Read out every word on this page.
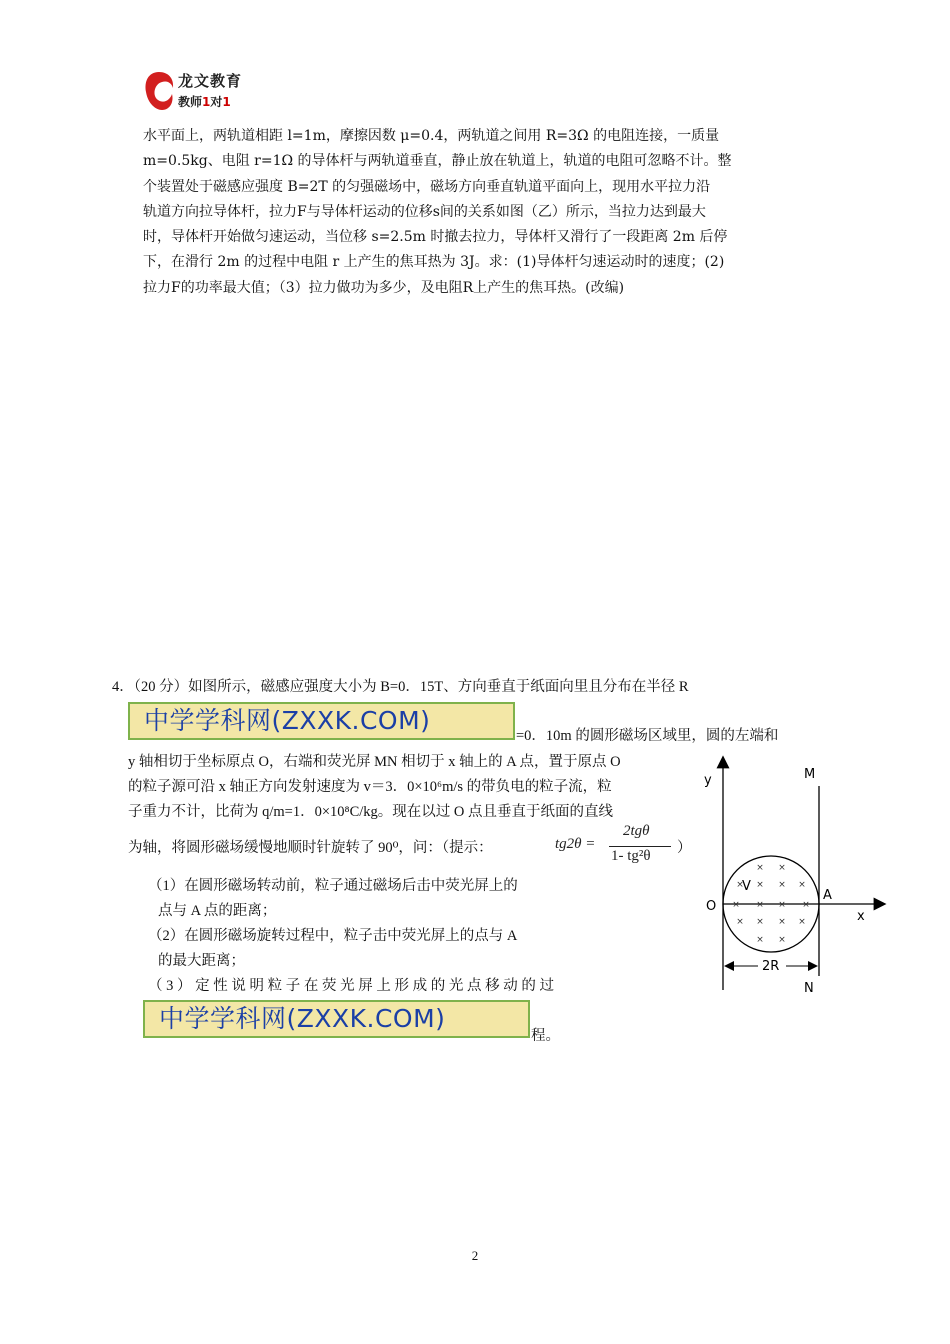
龙文教育
教师1对1

水平面上，两轨道相距 l=1m，摩擦因数 μ=0.4，两轨道之间用 R=3Ω 的电阻连接，一质量

m=0.5kg、电阻 r=1Ω 的导体杆与两轨道垂直，静止放在轨道上，轨道的电阻可忽略不计。整

个装置处于磁感应强度 B=2T 的匀强磁场中，磁场方向垂直轨道平面向上，现用水平拉力沿

轨道方向拉导体杆，拉力F与导体杆运动的位移s间的关系如图（乙）所示，当拉力达到最大

时，导体杆开始做匀速运动，当位移 s=2.5m 时撤去拉力，导体杆又滑行了一段距离 2m 后停

下，在滑行 2m 的过程中电阻 r 上产生的焦耳热为 3J。求：(1)导体杆匀速运动时的速度；(2)

拉力F的功率最大值；（3）拉力做功为多少，及电阻R上产生的焦耳热。(改编)

4．（20 分）如图所示，磁感应强度大小为 B=0．15T、方向垂直于纸面向里且分布在半径 R
中学学科网(ZXXK.COM)
=0．10m 的圆形磁场区域里，圆的左端和
y 轴相切于坐标原点 O，右端和荧光屏 MN 相切于 x 轴上的 A 点，置于原点 O
的粒子源可沿 x 轴正方向发射速度为 v＝3．0×10⁶m/s 的带负电的粒子流，粒
子重力不计，比荷为 q/m=1．0×10⁸C/kg。现在以过 O 点且垂直于纸面的直线
为轴，将圆形磁场缓慢地顺时针旋转了 90⁰，问：（提示：	tg2θ =
2tgθ
1- tg²θ ）
（1）在圆形磁场转动前，粒子通过磁场后击中荧光屏上的
点与 A 点的距离；
（2）在圆形磁场旋转过程中，粒子击中荧光屏上的点与 A
的最大距离；
（ 3 ） 定 性 说 明 粒 子 在 荧 光 屏 上 形 成 的 光 点 移 动 的 过
中学学科网(ZXXK.COM)
程。
× ×
× × × ×
× × × ×
× × × ×
× ×
y
x
O
A
V
M
N
2R
2
